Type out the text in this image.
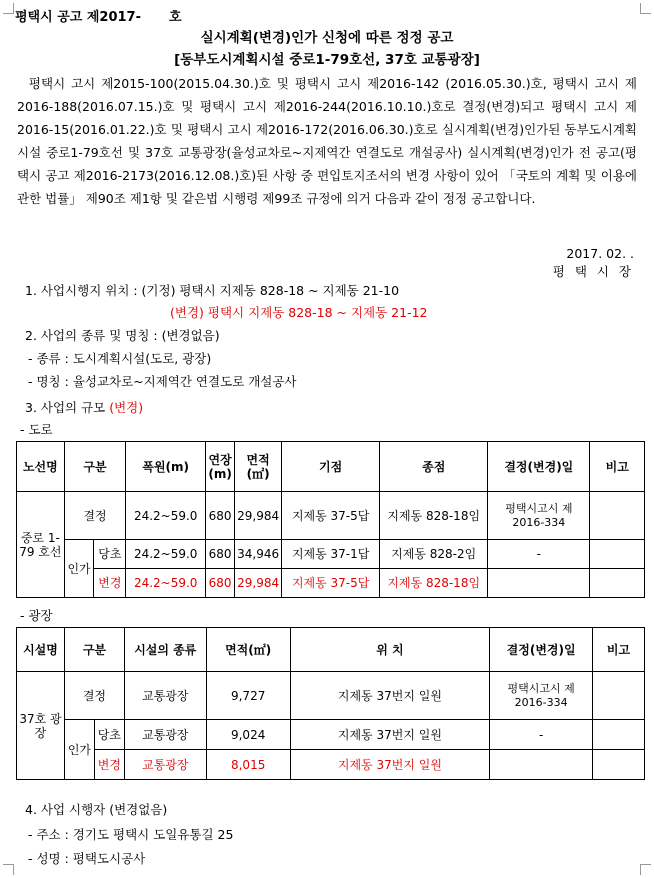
평택시 공고 제2017- 호
실시계획(변경)인가 신청에 따른 정정 공고
[동부도시계획시설 중로1-79호선, 37호 교통광장]
평택시 고시 제2015-100(2015.04.30.)호 및 평택시 고시 제2016-142 (2016.05.30.)호, 평택시 고시 제2016-188(2016.07.15.)호 및 평택시 고시 제2016-244(2016.10.10.)호로 결정(변경)되고 평택시 고시 제2016-15(2016.01.22.)호 및 평택시 고시 제2016-172(2016.06.30.)호로 실시계획(변경)인가된 동부도시계획시설 중로1-79호선 및 37호 교통광장(율성교차로~지제역간 연결도로 개설공사) 실시계획(변경)인가 전 공고(평택시 공고 제2016-2173(2016.12.08.)호)된 사항 중 편입토지조서의 변경 사항이 있어 「국토의 계획 및 이용에 관한 법률」 제90조 제1항 및 같은법 시행령 제99조 규정에 의거 다음과 같이 정정 공고합니다.
2017. 02. .
평 택 시 장
1. 사업시행지 위치 : (기정) 평택시 지제동 828-18 ~ 지제동 21-10
(변경) 평택시 지제동 828-18 ~ 지제동 21-12
2. 사업의 종류 및 명칭 : (변경없음)
- 종류 : 도시계획시설(도로, 광장)
- 명칭 : 율성교차로~지제역간 연결도로 개설공사
3. 사업의 규모 (변경)
- 도로
노선명	구분		폭원(m)	연장(m)	면적(㎡)	기점	종점	결정(변경)일	비고
중로 1-79 호선	결정		24.2~59.0	680	29,984	지제동 37-5답	지제동 828-18임	평택시고시 제2016-334	
	인가	당초	24.2~59.0	680	34,946	지제동 37-1답	지제동 828-2임	-	
		변경	24.2~59.0	680	29,984	지제동 37-5답	지제동 828-18임		
- 광장
시설명	구분		시설의 종류	면적(㎡)	위 치	결정(변경)일	비고
37호 광장	결정		교통광장	9,727	지제동 37번지 일원	평택시고시 제2016-334	
	인가	당초	교통광장	9,024	지제동 37번지 일원	-	
		변경	교통광장	8,015	지제동 37번지 일원		
4. 사업 시행자 (변경없음)
- 주소 : 경기도 평택시 도일유통길 25
- 성명 : 평택도시공사
